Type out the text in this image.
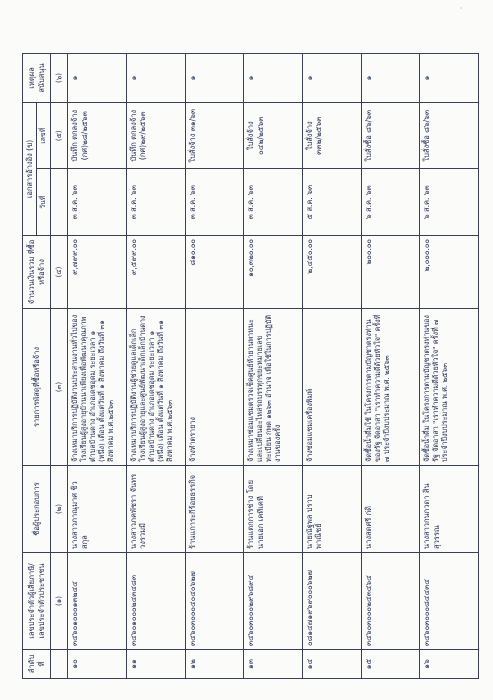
°
ลำดับที่	เลขประจำตัวผู้เสียภาษี/ เลขประจำตัวประชาชน	ชื่อผู้ประกอบการ	รายการพัสดุที่ซื้อหรือจ้าง	จำนวนเงินรวม ที่ซื้อหรือจ้าง	เอกสารอ้างอิง (ข)		เหตุผลสนับสนุน
					วันที่	เลขที่	
	(๑)	(๒)	(๓)	(๔)		(๕)	(๖)
๑๐	๓๔๖๐๑๐๐๐๑๓๒๔๔	นางสาวภาณุมาศ ชิวสกุล	จ้างเหมาบริการปฏิบัติงานประสานงานทั่วไปของโรงเรียนผู้สูงอายุบ้านนาเพียงเพื่อพัฒนาคุณภาพ ตำบลบ้านดาง อำเภอเดชอุดม ระยะเวลา ๑ (หนึ่ง) เดือน ตั้งแต่วันที่ ๑ สิงหาคม ถึงวันที่ ๓๑ สิงหาคม พ.ศ.๒๕๖๓	๙,๗๙๙.๐๐	๓ ส.ค. ๖๓	บันทึก ตกลงจ้าง (กศ)๒๘/๒๕๖๓	๑
๑๑	๓๔๖๐๑๐๐๐๒๔๓๔๘๓	นางสาวภคพัชรา จันทรวงรวมมี	จ้างเหมาบริการปฏิบัติงานผู้ช่วยดูแลเด็กเล็กโรงเรียนผู้สูงอายุและศูนย์พัฒนาเด็กเล็กบ้านดาง ตำบลบ้านดาง อำเภอเดชอุดม ระยะเวลา ๑ (หนึ่ง) เดือน ตั้งแต่วันที่ ๑ สิงหาคม ถึงวันที่ ๓๑ สิงหาคม พ.ศ.๒๕๖๓	๙,๕๙๙.๐๐	๓ ส.ค. ๖๓	บันทึก ตกลงจ้าง (กศ)๒๙/๒๕๖๓	๑
๑๒	๓๔๖๐๓๐๐๐๔๐๔๐๖๒๗	ร้านแการะกีร้อยธรรกิจ	จ้างทำตรายาง	๘๑๐.๐๐	๓ ส.ค. ๖๓	ใบสั่งจ้าง ๓๑/๖๓	๑
๑๓	๓๔๖๐๓๐๐๐๒๙๖๘๙๔	ร้านแตกการช่าง โดยนายเอก เคทีเคที	จ้างเหมาซ่อมแซมตรวจเช็คศูนย์ห้ายานพาหนะและเปลี่ยนอะไหล่รถบรรทุกขยะหมายเลขทะเบียน กพด ๑๒๖๓ อำนาจ เพื่อใช้ในการปฏิบัติงานของครั้ง	๑๐,๓๒๐.๐๐	๓ ส.ค. ๖๓	ใบสั่งจ้าง ๐๔๒/๒๕๖๓	๑
๑๔	๐๘๑๔๗๑๙๖๙๐๐๐๖๒๗	นายณัฐพล ปราบพาณิชย์	จ้างซ่อมแซมเครื่องพิมพ์	๒,๔๕๐.๐๐	๕ ส.ค. ๖๓	ใบสั่งจ้าง ๓๓๒/๒๕๖๓	๑
๑๕	๓๔๖๐๓๐๐๐๒๔๓๔๖๔	นางสดศรี ก่ดิ	จัดซื้อน้ำดื่มใช้ ในโครงการตามบัญชาตรงท่าน ของรัฐ จัดอาสา "เราทำความดีด้วยหัวใจ" ครั้งที่ ๗ ประจำปีงบประมาณ พ.ศ. ๒๕๖๓	๒๐๐.๐๐	๖ ส.ค. ๖๓	ใบสั่งซื้อ ๘๖/๖๓	๑
๑๖	๓๔๖๐๓๐๐๐๘๔๔๓๔	นางสาวกนกวดา สินสุวรรณ	จัดซื้อน้ำดื่ม ในโครงการตามบัญชาตรงท่านของรัฐ จัดอาสา "เราทำความดีด้วยหัวใจ" ครั้งที่ ๗ ประจำปีงบประมาณ พ.ศ. ๒๕๖๓	๒,๐๐๐.๐๐	๖ ส.ค. ๖๓	ใบสั่งซื้อ ๘๖/๖๓	๑
